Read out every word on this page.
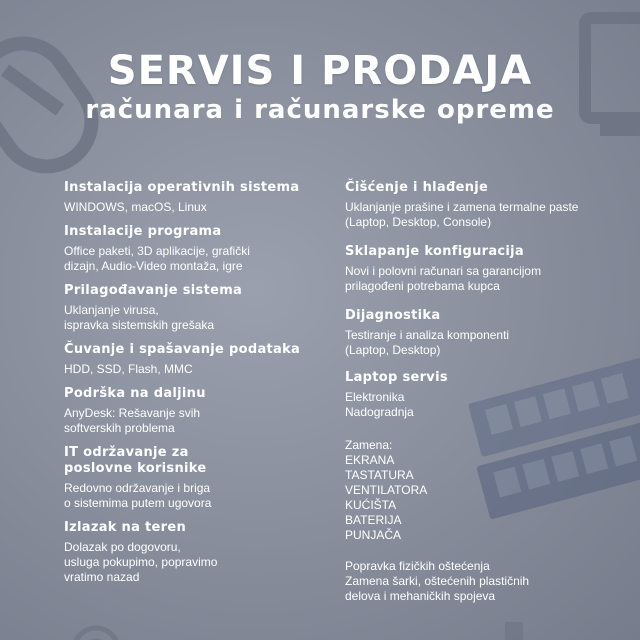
SERVIS I PRODAJA
računara i računarske opreme
Instalacija operativnih sistema
WINDOWS, macOS, Linux
Instalacije programa
Office paketi, 3D aplikacije, grafički
dizajn, Audio-Video montaža, igre
Prilagođavanje sistema
Uklanjanje virusa,
ispravka sistemskih grešaka
Čuvanje i spašavanje podataka
HDD, SSD, Flash, MMC
Podrška na daljinu
AnyDesk: Rešavanje svih
softverskih problema
IT održavanje za
poslovne korisnike
Redovno održavanje i briga
o sistemima putem ugovora
Izlazak na teren
Dolazak po dogovoru,
usluga pokupimo, popravimo
vratimo nazad
Čišćenje i hlađenje
Uklanjanje prašine i zamena termalne paste
(Laptop, Desktop, Console)
Sklapanje konfiguracija
Novi i polovni računari sa garancijom
prilagođeni potrebama kupca
Dijagnostika
Testiranje i analiza komponenti
(Laptop, Desktop)
Laptop servis
Elektronika
Nadogradnja
Zamena:
EKRANA
TASTATURA
VENTILATORA
KUĆIŠTA
BATERIJA
PUNJAČA
Popravka fizičkih oštećenja
Zamena šarki, oštećenih plastičnih
delova i mehaničkih spojeva
